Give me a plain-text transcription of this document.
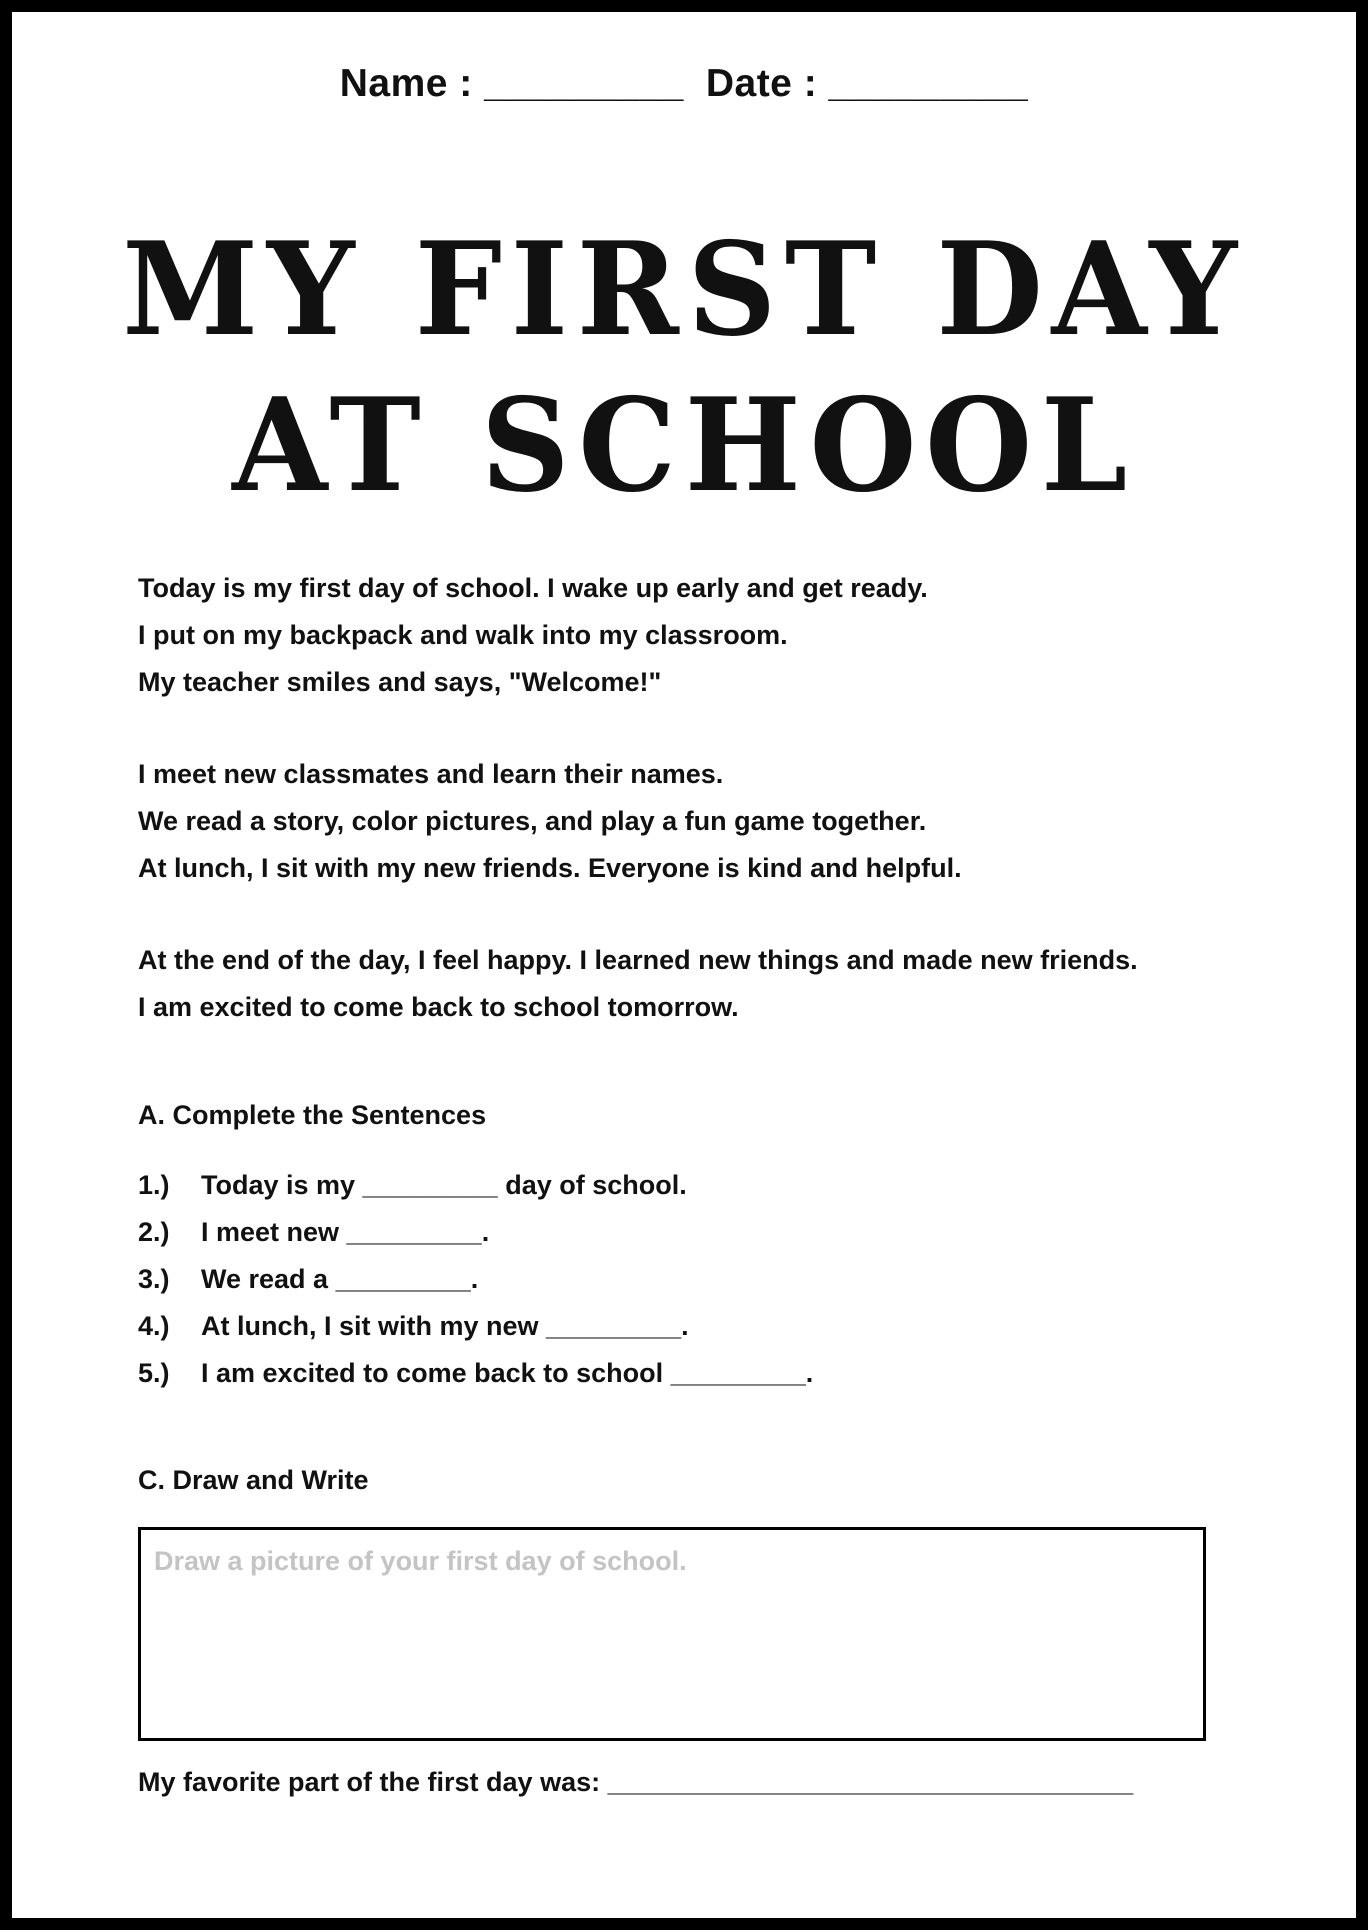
Name : _________ Date : _________
MY FIRST DAY
AT SCHOOL
Today is my first day of school. I wake up early and get ready.
I put on my backpack and walk into my classroom.
My teacher smiles and says, "Welcome!"
I meet new classmates and learn their names.
We read a story, color pictures, and play a fun game together.
At lunch, I sit with my new friends. Everyone is kind and helpful.
At the end of the day, I feel happy. I learned new things and made new friends.
I am excited to come back to school tomorrow.
A. Complete the Sentences
1.) Today is my _________ day of school.
2.) I meet new _________.
3.) We read a _________.
4.) At lunch, I sit with my new _________.
5.) I am excited to come back to school _________.
C. Draw and Write
Draw a picture of your first day of school.
My favorite part of the first day was: ___________________________________
